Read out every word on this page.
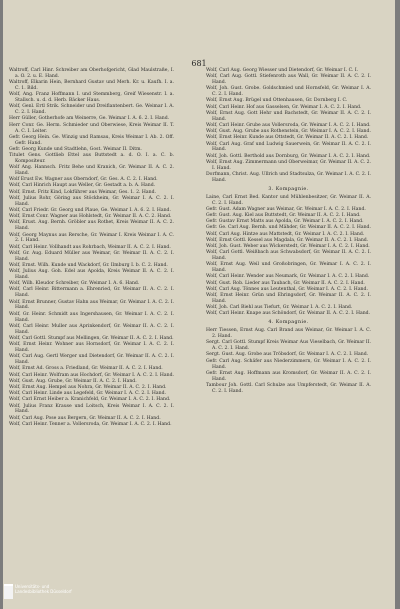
681
Waltroff, Carl Hinr. Schreiber am Oberhofgericht, Glad Maulstraße, I. a. O. 2. u. E. Hand.
Waltroff, Elkarin Hein, Bernhard Gustav und Merh. Kr. u. Kaufh. I. a. C. 1. Bild.
Wolf, Ang. Franz Hoffmann I. und Stemmberg, Greif Wiesenstr. I. a. Stallsch. u. d. d. Herb. Bäcker Haus.
Wolf, Genl. Ertl Strik. Schneider und Dreiflantenbert. Ge. Weimar I. A. C. 2. I. Hand.
Herr Güller, Gotherhofe am Weinerre, Ge. Weimar I. A. 6. 2. I. Hand.
Herr Conr. Ge. Herm. Schmieder und Oberwiese, Kreis Weimar II. T. A. C. I. Leiter.
Gefr. Georg Hein. Ge. Winzig und Ramsau, Kreis Weimar I. Ab. 2. Off. Gefr. Hand.
Gefr. Georg Kunde und Stadtlehn, Gost. Weimar II. Ditm.
Titulet Gens. Gottlieb Ettel aus Buttstedt a. d. O. I. a. C. b. Kompositeur.
Wolf Ang. Hannsch. Fritz Behe und Kranich, Gr. Weimar II. A. C. 2. Hand.
Wolf Erust Ew. Wagner aus Oberndorf, Gr. Ges. A. C. 2. I. Hand.
Wolf, Carl Hinrich Haupt aus Weller, Gr. Gestadt a. b. A. Hand.
Wolf, Ernst. Fritz Kind, Lokführer aus Weimar, Ges. 1. 2. Hand.
Wolf, Julius Rohr, Göring aus Stöckheim, Gr. Weimar I. A. C. 2. I. Hand.
Wolf, Carl Friedr. Gr. Georg und Plaue, Ge. Weimar I. A. 6. 2. I. Hand.
Wolf, Ernst Conr. Wagner aus Hohlstedt, Gr. Weimar II. A. C. 2. Hand.
Wolf, Erust. Aug. Bernh. Gröbler aus Rothet, Kreis Weimar II. A. C. 2. Hand.
Wolf, Georg Maynus aus Rersche, Gr. Weimar I. Kreis Weimar I. A. C. 2. I. Hand.
Wolf, Carl Heinr. Vollhandt aus Rohrbach, Weimar II. A. C. 2. I. Hand.
Wolf, Gr. Aug. Eduard Müller aus Weimar, Gr. Weimar II. A. C. 2. I. Hand.
Wolf, Ernst. Wilh. Kunde und Wackdorf, Gr. Ilmburg I. b. C. 2. Hand.
Wolf, Julius Aug. Goh. Edel aus Apolda, Kreis Weimar II. A. C. 2. I. Hand.
Wolf, Wilh. Kleudor Schreiber, Gr. Weimar I. A. 6. Hand.
Wolf, Carl Heinr. Bittermann a. Ehrenried, Gr. Weimar II. A. C. 2. I. Hand.
Wolf, Ernst Brunner, Gustav Hahn aus Weimar, Gr. Weimar I. A. C. 2. I. Hand.
Wolf, Gr. Heinr. Schmidt aus Ingershausen, Gr. Weimar I. A. C. 2. I. Hand.
Wolf, Carl Heinr. Muller aus Aprinkendorf, Gr. Weimar II. A. C. 2. I. Hand.
Wolf, Carl Gottl. Stumpf aus Mellingen, Gr. Weimar II. A. C. 2. I. Hand.
Wolf, Ernst Heinr. Wohner aus Hornsdorf, Gr. Weimar I. A. C. 2. I. Hand.
Wolf, Carl Aug. Gertl Werger und Dietendorf, Gr. Weimar II. A. C. 2. I. Hand.
Wolf, Ernst Ad. Gross a. Friedland, Gr. Weimar II. A. C. 2. I. Hand.
Wolf, Carl Heinr. Wolfram aus Hochdorf, Gr. Weimar I. A. C. 2. I. Hand.
Wolf, Gust. Aug. Grube, Gr. Weimar II. A. C. 2. I. Hand.
Wolf, Ernst Aug. Hempel aus Nohra, Gr. Weimar II. A. C. 2. I. Hand.
Wolf, Carl Heinr. Linde aus Legefeld, Gr. Weimar I. A. C. 2. I. Hand.
Wolf, Carl Ernst Heiber a. Kranichfeld, Gr. Weimar I. A. C. 2. I. Hand.
Wolf, Julius Franz Krause und Loitsch, Kreis Weimar I. A. C. 2. I. Hand.
Wolf, Carl Aug. Pose aus Bergern, Gr. Weimar II. A. C. 2. I. Hand.
Wolf, Carl Heinr. Tenner a. Vollersroda, Gr. Weimar I. A. C. 2. I. Hand.
Wolf, Carl Aug. Georg Wiesser und Dietendorf, Gr. Weimar I. C. I.
Wolf, Carl Aug. Gottl. Stiefenroth aus Wall, Gr. Weimar II. A. C. 2. I. Hand.
Wolf, Joh. Gust. Grobe. Goldschmied und Hornsfeld, Gr. Weimar I. A. C. 2. I. Hand.
Wolf, Ernst Aug. Brügel und Ottenhausen, Gr. Dornberg I. C.
Wolf, Carl Heinr. Hof aus Gasselsen, Gr. Weimar I. A. C. 2. I. Hand.
Wolf, Ernst Aug. Gott Hehr und Bachstedt, Gr. Weimar II. A. C. 2. I. Hand.
Wolf, Carl Heinr. Grube aus Vollersroda, Gr. Weimar I. A. C. 2. I. Hand.
Wolf, Gust. Aug. Grube aus Rothenstein, Gr. Weimar I. A. C. 2. I. Hand.
Wolf, Ernst Heinr. Kunde aus Ottstedt, Gr. Weimar II. A. C. 2. I. Hand.
Wolf, Carl Aug. Graf und Ludwig Sauerwein, Gr. Weimar II. A. C. 2. I. Hand.
Wolf, Joh. Gottl. Berthold aus Dornburg, Gr. Weimar I. A. C. 2. I. Hand.
Wolf, Ernst Aug. Zimmermann und Oberweimar, Gr. Weimar II. A. C. 2. I. Hand.
Dorfmann, Christ. Aug. Ullrich und Stadtsulza, Gr. Weimar I. A. C. 2. I. Hand.
3. Kompagnie.
Laine, Carl Ernst Bed. Kantor und Mühlenbesitzer, Gr. Weimar II. A. C. 2. I. Hand.
Gefr. Gust. Adam Wagner aus Weimar, Gr. Weimar I. A. C. 2. I. Hand.
Gefr. Gust. Aug. Kiel aus Buttstedt, Gr. Weimar II. A. C. 2. I. Hand.
Gefr. Gustav Ernst Matts aus Apolda, Gr. Weimar I. A. C. 2. I. Hand.
Gefr. Ge. Carl Aug. Bernh. und Mähder, Gr. Weimar II. A. C. 2. I. Hand.
Wolf, Carl Aug. Hintze aus Mattstedt, Gr. Weimar I. A. C. 2. I. Hand.
Wolf, Ernst Gottl. Kessel aus Magdala, Gr. Weimar II. A. C. 2. I. Hand.
Wolf, Joh. Gust. Weber aus Wickerstedt, Gr. Weimar I. A. C. 2. I. Hand.
Wolf, Carl Gottl. Weißbach aus Schwabsdorf, Gr. Weimar II. A. C. 2. I. Hand.
Wolf, Ernst Aug. Weil und Großobringen, Gr. Weimar I. A. C. 2. I. Hand.
Wolf, Carl Heinr. Wender aus Neumark, Gr. Weimar I. A. C. 2. I. Hand.
Wolf, Gust. Rob. Lieder aus Taubach, Gr. Weimar II. A. C. 2. I. Hand.
Wolf, Carl Aug. Tönnes aus Leutenthal, Gr. Weimar I. A. C. 2. I. Hand.
Wolf, Ernst Heinr. Grün und Ehringsdorf, Gr. Weimar II. A. C. 2. I. Hand.
Wolf, Joh. Carl Biehl aus Tiefurt, Gr. Weimar I. A. C. 2. I. Hand.
Wolf, Carl Heinr. Knape aus Schöndorf, Gr. Weimar II. A. C. 2. I. Hand.
4. Kompagnie.
Herr Tiessen, Ernst Aug. Carl Brand aus Weimar, Gr. Weimar I. A. C. 2. Hand.
Sergt. Carl Gottl. Stumpf Kreis Weimar Aus Vieselbach, Gr. Weimar II. A. C. 2. I. Hand.
Sergt. Gust. Aug. Grobe aus Tröbsdorf, Gr. Weimar I. A. C. 2. I. Hand.
Gefr. Carl Aug. Schäfer aus Niederzimmern, Gr. Weimar I. A. C. 2. I. Hand.
Gefr. Ernst Aug. Hoffmann aus Kromsdorf, Gr. Weimar II. A. C. 2. I. Hand.
Tambour Joh. Gottl. Carl Schulze aus Umpferstedt, Gr. Weimar II. A. C. 2. I. Hand.
Universitäts- und
Landesbibliothek Düsseldorf
